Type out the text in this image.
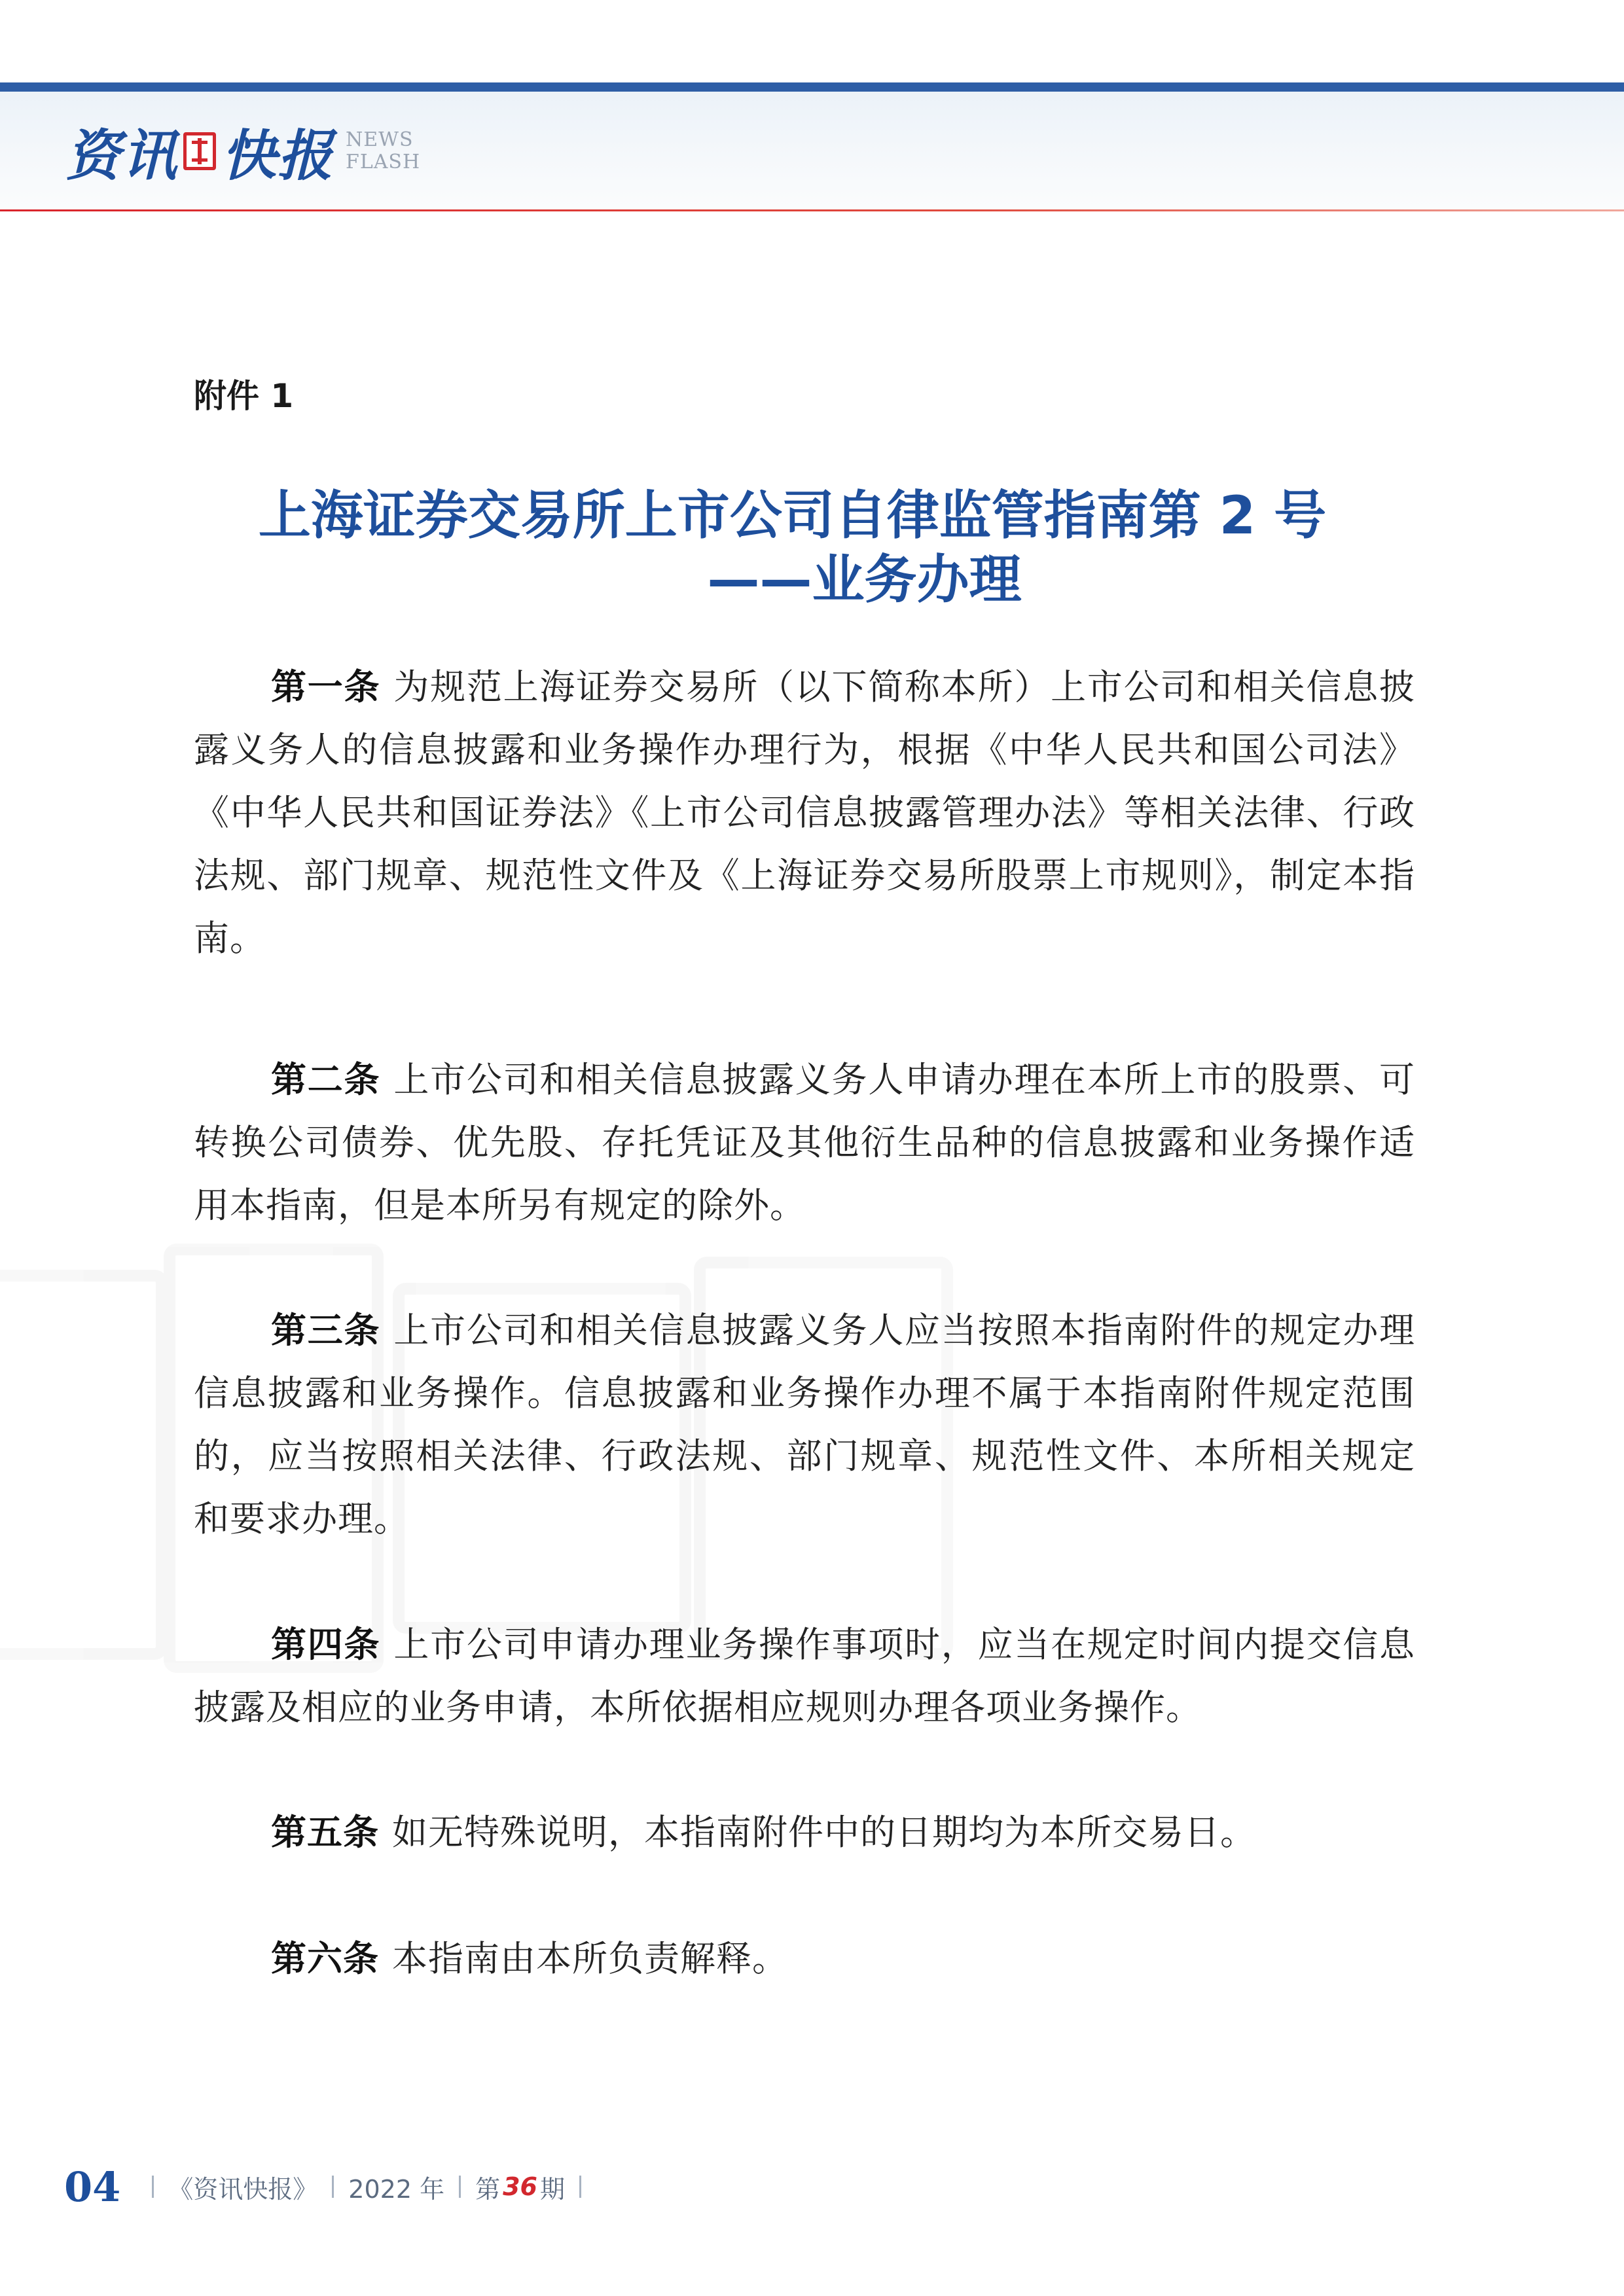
资讯 快报 NEWS
FLASH
附件 1
上海证券交易所上市公司自律监管指南第 2 号
——业务办理

第一条 为规范上海证券交易所（以下简称本所）上市公司和相关信息披露义务人的信息披露和业务操作办理行为，根据《中华人民共和国公司法》《中华人民共和国证券法》《上市公司信息披露管理办法》等相关法律、行政法规、部门规章、规范性文件及《上海证券交易所股票上市规则》，制定本指南。

第二条 上市公司和相关信息披露义务人申请办理在本所上市的股票、可转换公司债券、优先股、存托凭证及其他衍生品种的信息披露和业务操作适用本指南，但是本所另有规定的除外。

第三条 上市公司和相关信息披露义务人应当按照本指南附件的规定办理信息披露和业务操作。信息披露和业务操作办理不属于本指南附件规定范围的，应当按照相关法律、行政法规、部门规章、规范性文件、本所相关规定和要求办理。

第四条 上市公司申请办理业务操作事项时，应当在规定时间内提交信息披露及相应的业务申请，本所依据相应规则办理各项业务操作。

第五条 如无特殊说明，本指南附件中的日期均为本所交易日。

第六条 本指南由本所负责解释。

04 《资讯快报》 2022 年 第 36 期
